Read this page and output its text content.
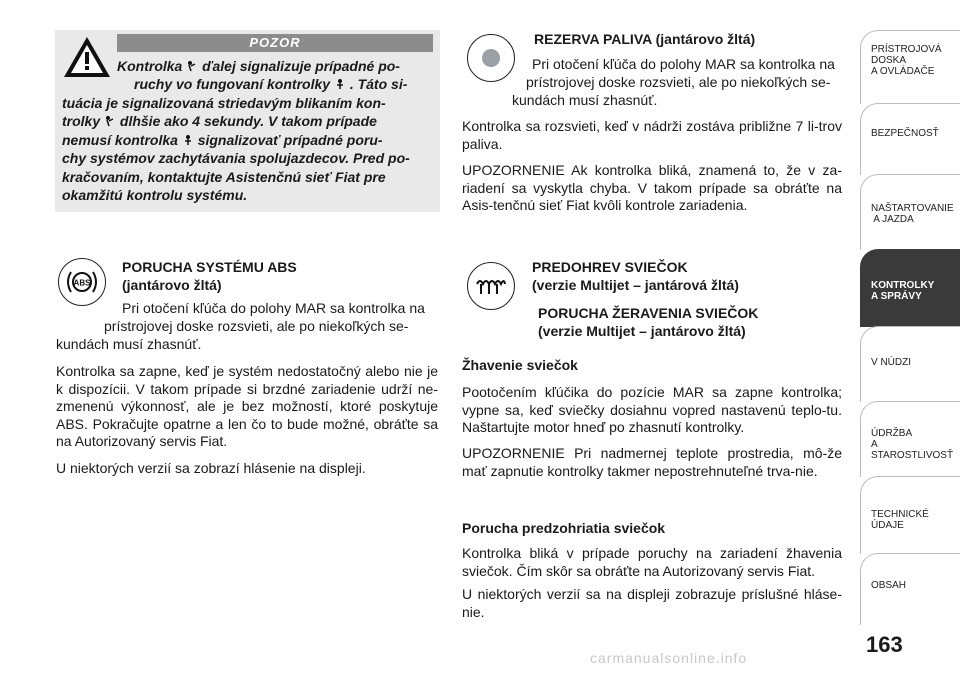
POZOR
Kontrolka ďalej signalizuje prípadné po-
ruchy vo fungovaní kontrolky . Táto si-
tuácia je signalizovaná striedavým blikaním kon-
trolky dlhšie ako 4 sekundy. V takom prípade
nemusí kontrolka signalizovať prípadné poru-
chy systémov zachytávania spolujazdecov. Pred po-
kračovaním, kontaktujte Asistenčnú sieť Fiat pre
okamžitú kontrolu systému.
ABS
PORUCHA SYSTÉMU ABS
(jantárovo žltá)

Pri otočení kľúča do polohy MAR sa kontrolka na

prístrojovej doske rozsvieti, ale po niekoľkých se-

kundách musí zhasnúť.

Kontrolka sa zapne, keď je systém nedostatočný alebo nie je k dispozícii. V takom prípade si brzdné zariadenie udrží ne-zmenenú výkonnosť, ale je bez možností, ktoré poskytuje ABS. Pokračujte opatrne a len čo to bude možné, obráťte sa na Autorizovaný servis Fiat.

U niektorých verzií sa zobrazí hlásenie na displeji.

REZERVA PALIVA (jantárovo žltá)

Pri otočení kľúča do polohy MAR sa kontrolka na

prístrojovej doske rozsvieti, ale po niekoľkých se-

kundách musí zhasnúť.

Kontrolka sa rozsvieti, keď v nádrži zostáva približne 7 li-trov paliva.

UPOZORNENIE Ak kontrolka bliká, znamená to, že v za-riadení sa vyskytla chyba. V takom prípade sa obráťte na Asis-tenčnú sieť Fiat kvôli kontrole zariadenia.

PREDOHREV SVIEČOK
(verzie Multijet – jantárová žltá)
PORUCHA ŽERAVENIA SVIEČOK
(verzie Multijet – jantárovo žltá)
Žhavenie sviečok

Pootočením kľúčika do pozície MAR sa zapne kontrolka; vypne sa, keď sviečky dosiahnu vopred nastavenú teplo-tu. Naštartujte motor hneď po zhasnutí kontrolky.

UPOZORNENIE Pri nadmernej teplote prostredia, mô-že mať zapnutie kontrolky takmer nepostrehnuteľné trva-nie.

Porucha predzohriatia sviečok

Kontrolka bliká v prípade poruchy na zariadení žhavenia sviečok. Čím skôr sa obráťte na Autorizovaný servis Fiat.

U niektorých verzií sa na displeji zobrazuje príslušné hláse-nie.

PRÍSTROJOVÁ
DOSKA
A OVLÁDAČE
BEZPEČNOSŤ
NAŠTARTOVANIE
A JAZDA
KONTROLKY
A SPRÁVY
V NÚDZI
ÚDRŽBA
A STAROSTLIVOSŤ
TECHNICKÉ ÚDAJE
OBSAH
163
carmanualsonline.info
